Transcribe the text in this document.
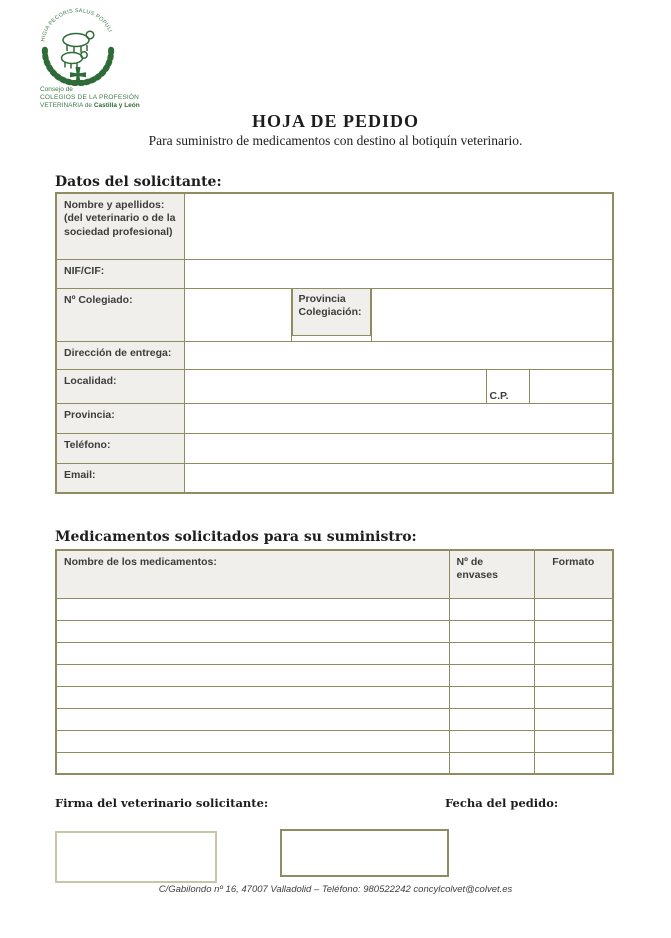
HIGIA PECORIS SALUS POPULI
Consejo de
COLEGIOS DE LA PROFESIÓN
VETERINARIA de Castilla y León
HOJA DE PEDIDO
Para suministro de medicamentos con destino al botiquín veterinario.
Datos del solicitante:
Nombre y apellidos: (del veterinario o de la sociedad profesional)					
NIF/CIF:					
Nº Colegiado:		Provincia Colegiación:			

Dirección de entrega:					
Localidad:				C.P.	
Provincia:					
Teléfono:					
Email:					
Medicamentos solicitados para su suministro:
Nombre de los medicamentos:	Nº de envases	Formato

Firma del veterinario solicitante:	Fecha del pedido:
C/Gabilondo nº 16, 47007 Valladolid – Teléfono: 980522242 concylcolvet@colvet.es
